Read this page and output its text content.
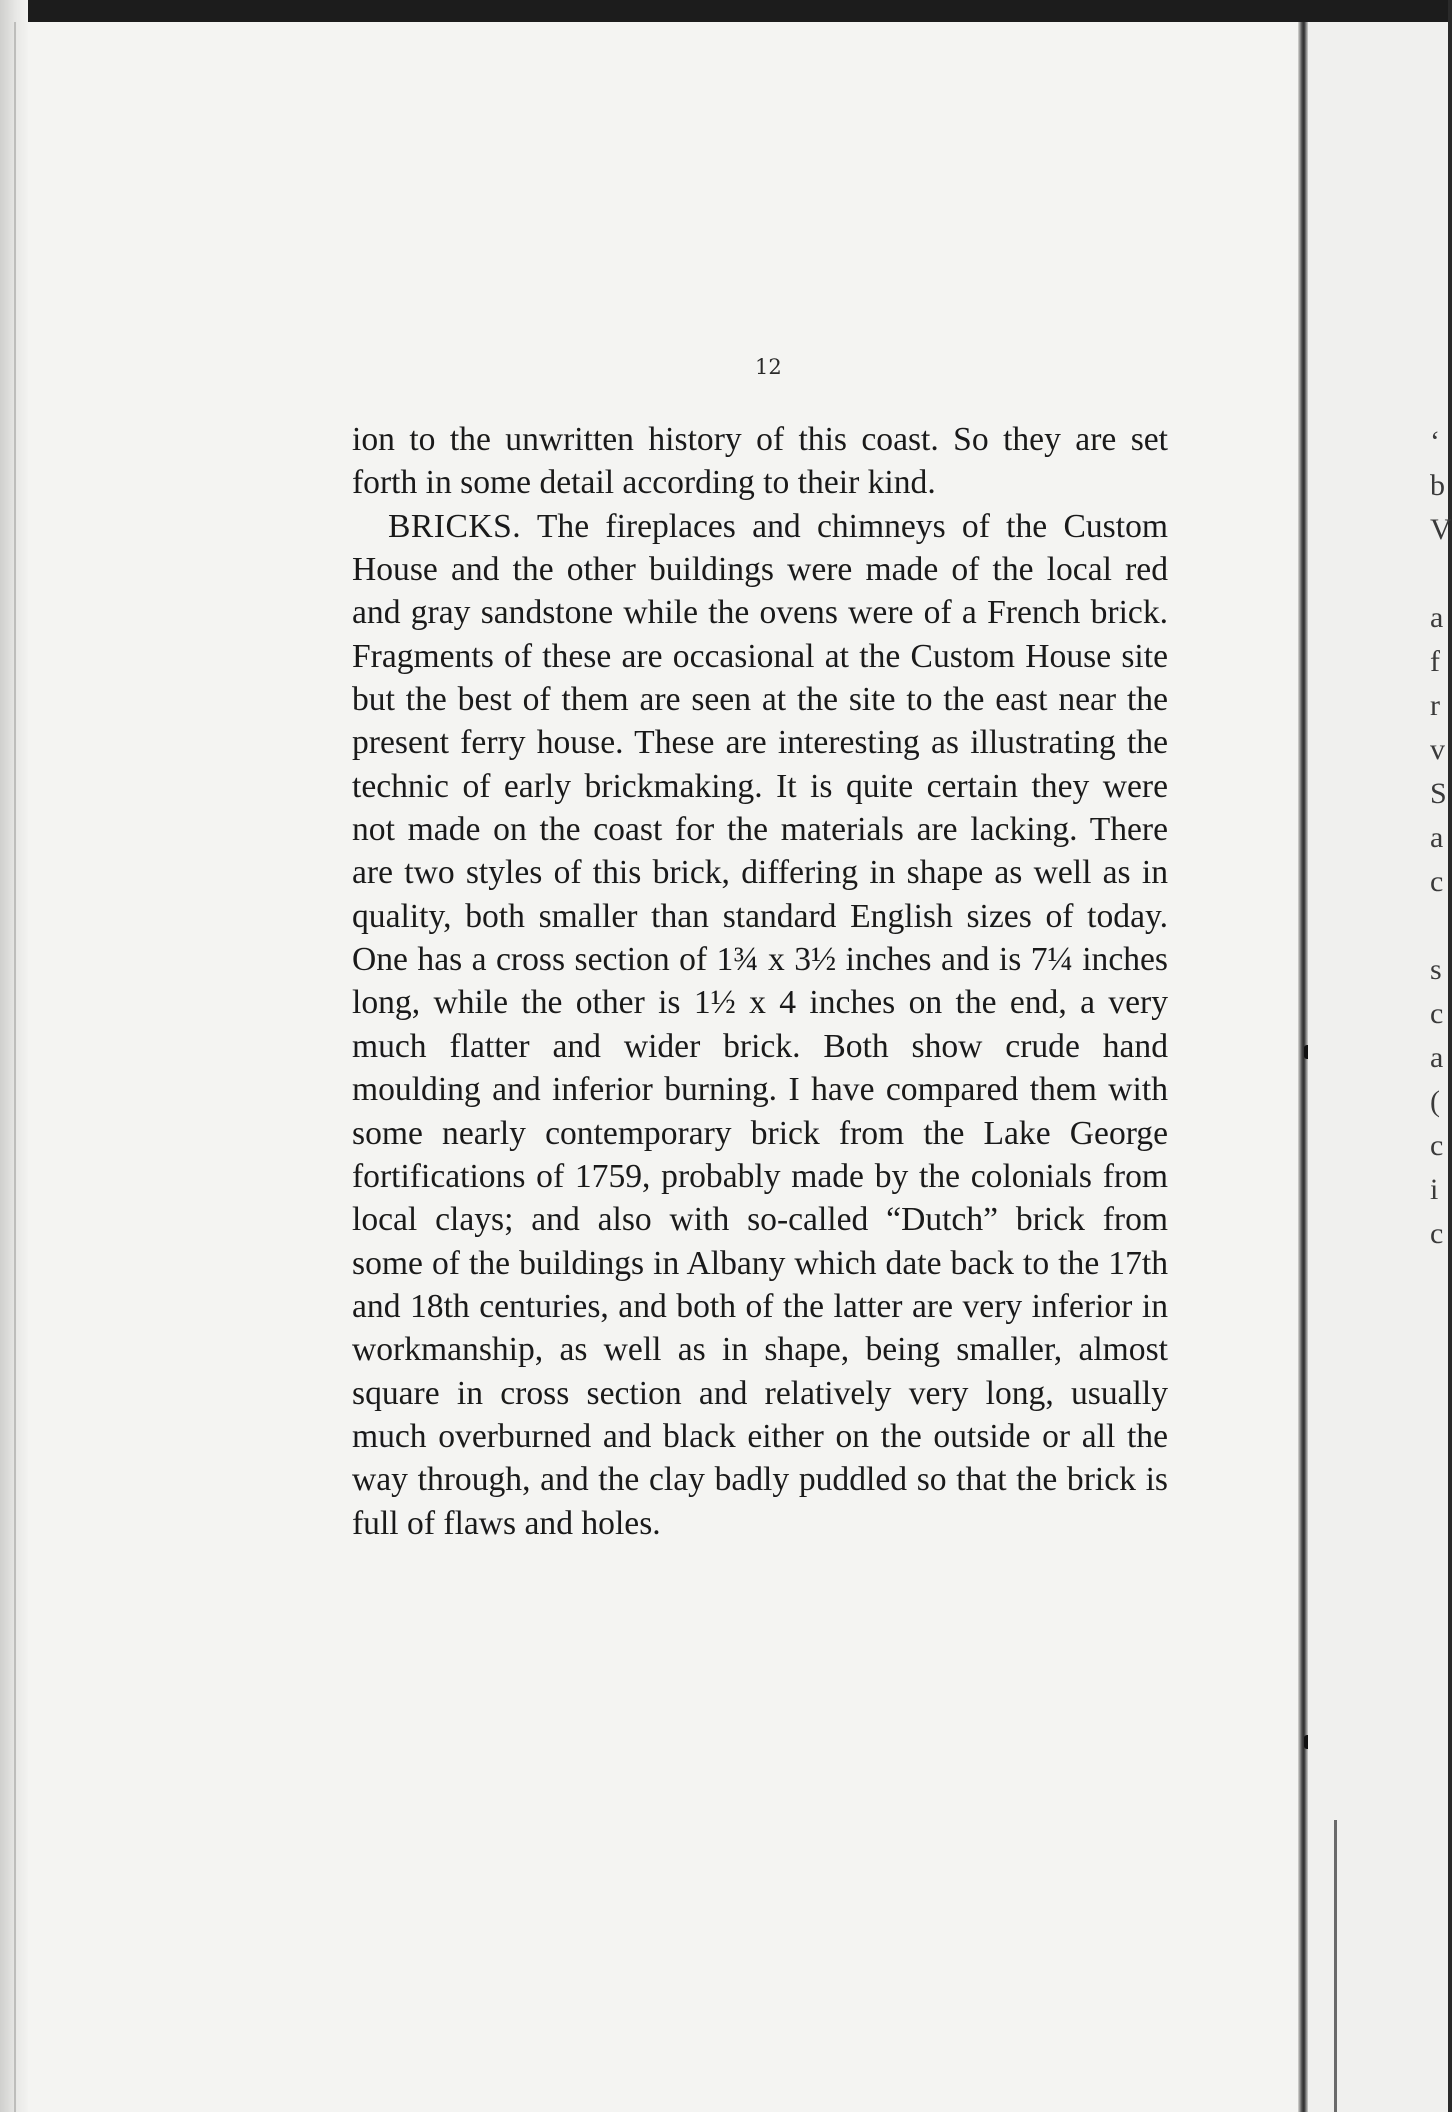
‘
b
V

a
f
r
v
S
a
c

s
c
a
(
c
i
c
12

ion to the unwritten history of this coast. So they are set forth in some detail according to their kind.

BRICKS. The fireplaces and chimneys of the Custom House and the other buildings were made of the local red and gray sandstone while the ovens were of a French brick. Fragments of these are occasional at the Custom House site but the best of them are seen at the site to the east near the present ferry house. These are interesting as illustrating the technic of early brickmaking. It is quite certain they were not made on the coast for the materials are lacking. There are two styles of this brick, differing in shape as well as in quality, both smaller than standard English sizes of today. One has a cross section of 1¾ x 3½ inches and is 7¼ inches long, while the other is 1½ x 4 inches on the end, a very much flatter and wider brick. Both show crude hand moulding and inferior burning. I have compared them with some nearly contemporary brick from the Lake George fortifications of 1759, probably made by the colonials from local clays; and also with so-called “Dutch” brick from some of the buildings in Albany which date back to the 17th and 18th centuries, and both of the latter are very inferior in workmanship, as well as in shape, being smaller, almost square in cross section and relatively very long, usually much overburned and black either on the outside or all the way through, and the clay badly puddled so that the brick is full of flaws and holes.
